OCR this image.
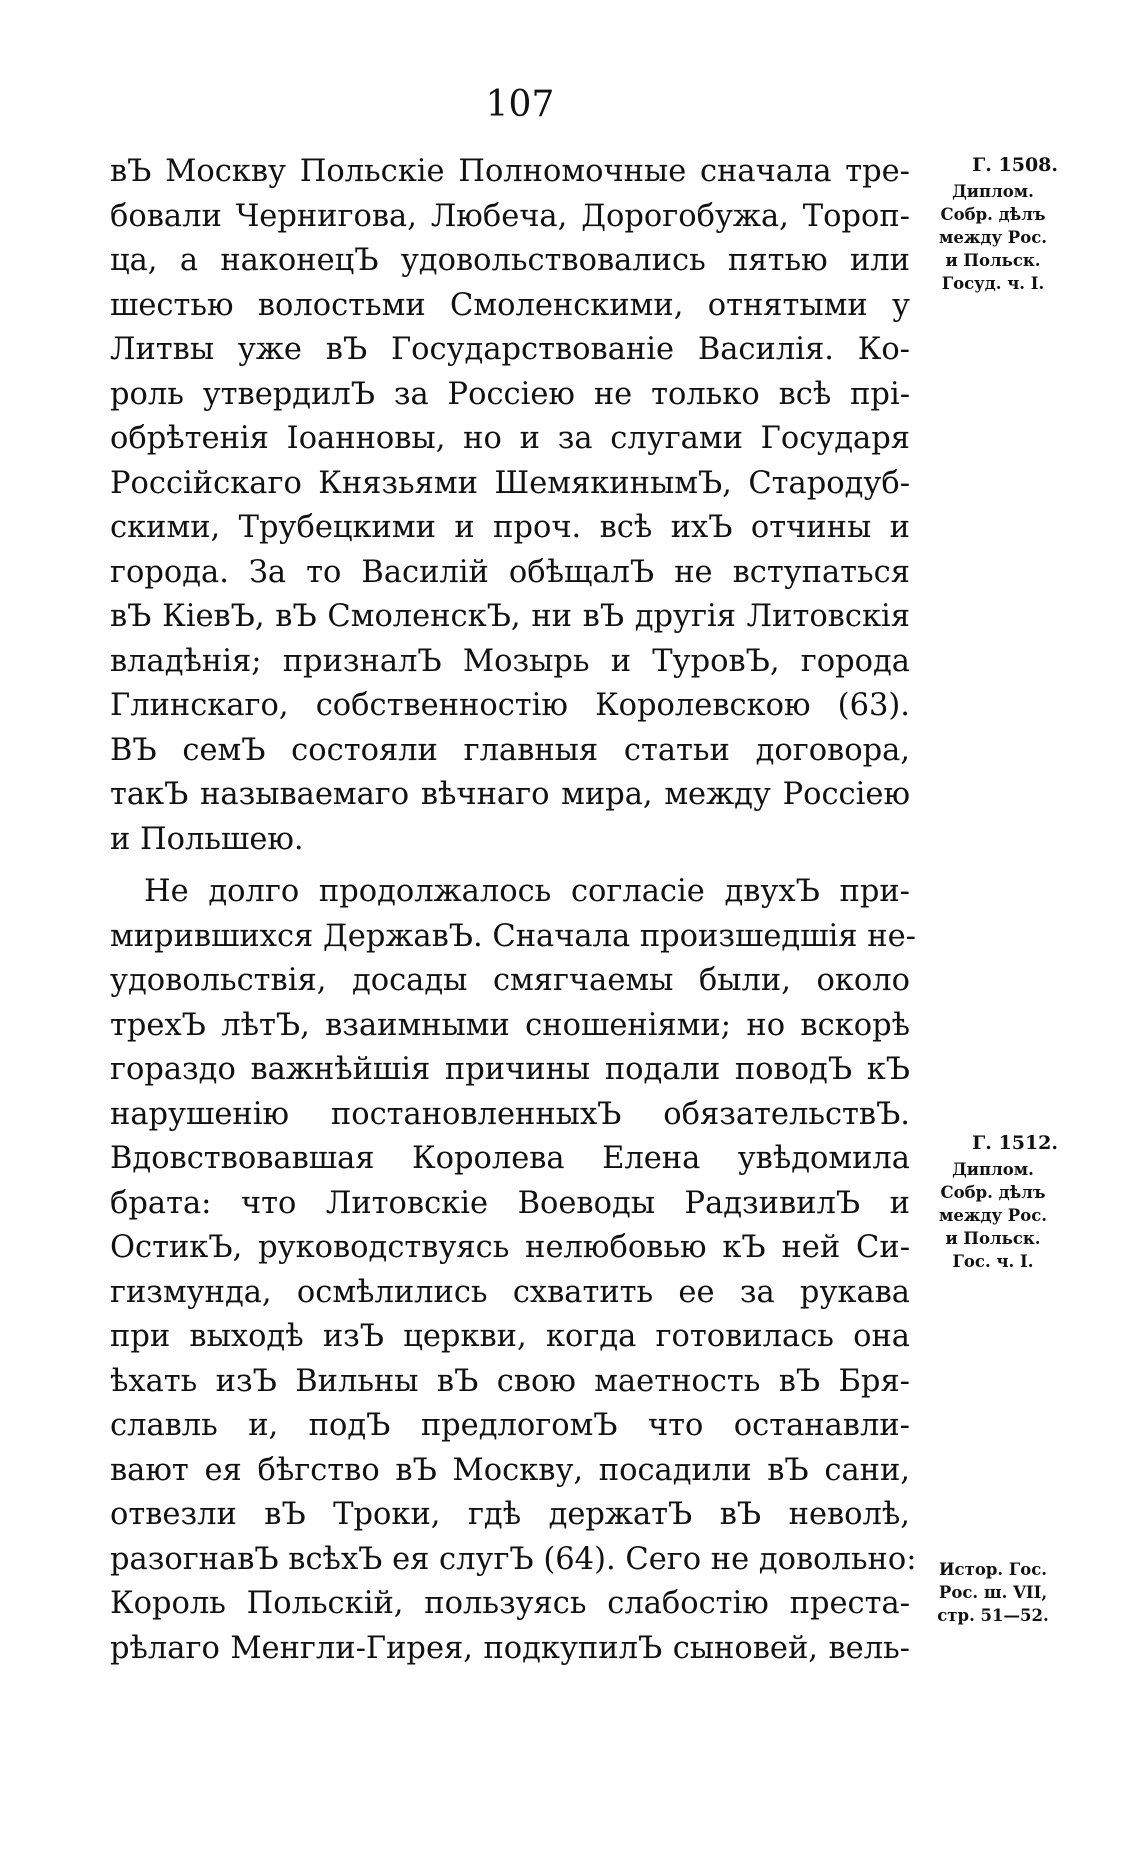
107
вЪ Москву Польскіе Полномочные сначала тре-
бовали Чернигова, Любеча, Дорогобужа, Тороп-
ца, а наконецЪ удовольствовались пятью или
шестью волостьми Смоленскими, отнятыми у
Литвы уже вЪ Государствованіе Василія. Ко-
роль утвердилЪ за Россіею не только всѣ прі-
обрѣтенія Іоанновы, но и за слугами Государя
Россійскаго Князьями ШемякинымЪ, Стародуб-
скими, Трубецкими и проч. всѣ ихЪ отчины и
города. За то Василій обѣщалЪ не вступаться
вЪ КіевЪ, вЪ СмоленскЪ, ни вЪ другія Литовскія
владѣнія; призналЪ Мозырь и ТуровЪ, города
Глинскаго, собственностію Королевскою (63).
ВЪ семЪ состояли главныя статьи договора,
такЪ называемаго вѣчнаго мира, между Россіею
и Польшею.
Не долго продолжалось согласіе двухЪ при-
мирившихся ДержавЪ. Сначала произшедшія не-
удовольствія, досады смягчаемы были, около
трехЪ лѣтЪ, взаимными сношеніями; но вскорѣ
гораздо важнѣйшія причины подали поводЪ кЪ
нарушенію постановленныхЪ обязательствЪ.
Вдовствовавшая Королева Елена увѣдомила
брата: что Литовскіе Воеводы РадзивилЪ и
ОстикЪ, руководствуясь нелюбовью кЪ ней Си-
гизмунда, осмѣлились схватить ее за рукава
при выходѣ изЪ церкви, когда готовилась она
ѣхать изЪ Вильны вЪ свою маетность вЪ Бря-
славль и, подЪ предлогомЪ что останавли-
вают ея бѣгство вЪ Москву, посадили вЪ сани,
отвезли вЪ Троки, гдѣ держатЪ вЪ неволѣ,
разогнавЪ всѣхЪ ея слугЪ (64). Сего не довольно:
Король Польскій, пользуясь слабостію преста-
рѣлаго Менгли-Гирея, подкупилЪ сыновей, вель-
Г. 1508.
Диплом.
Собр. дѣлъ
между Рос.
и Польск.
Госуд. ч. I.
Г. 1512.
Диплом.
Собр. дѣлъ
между Рос.
и Польск.
Гос. ч. I.
Истор. Гос.
Рос. ш. VII,
стр. 51—52.
